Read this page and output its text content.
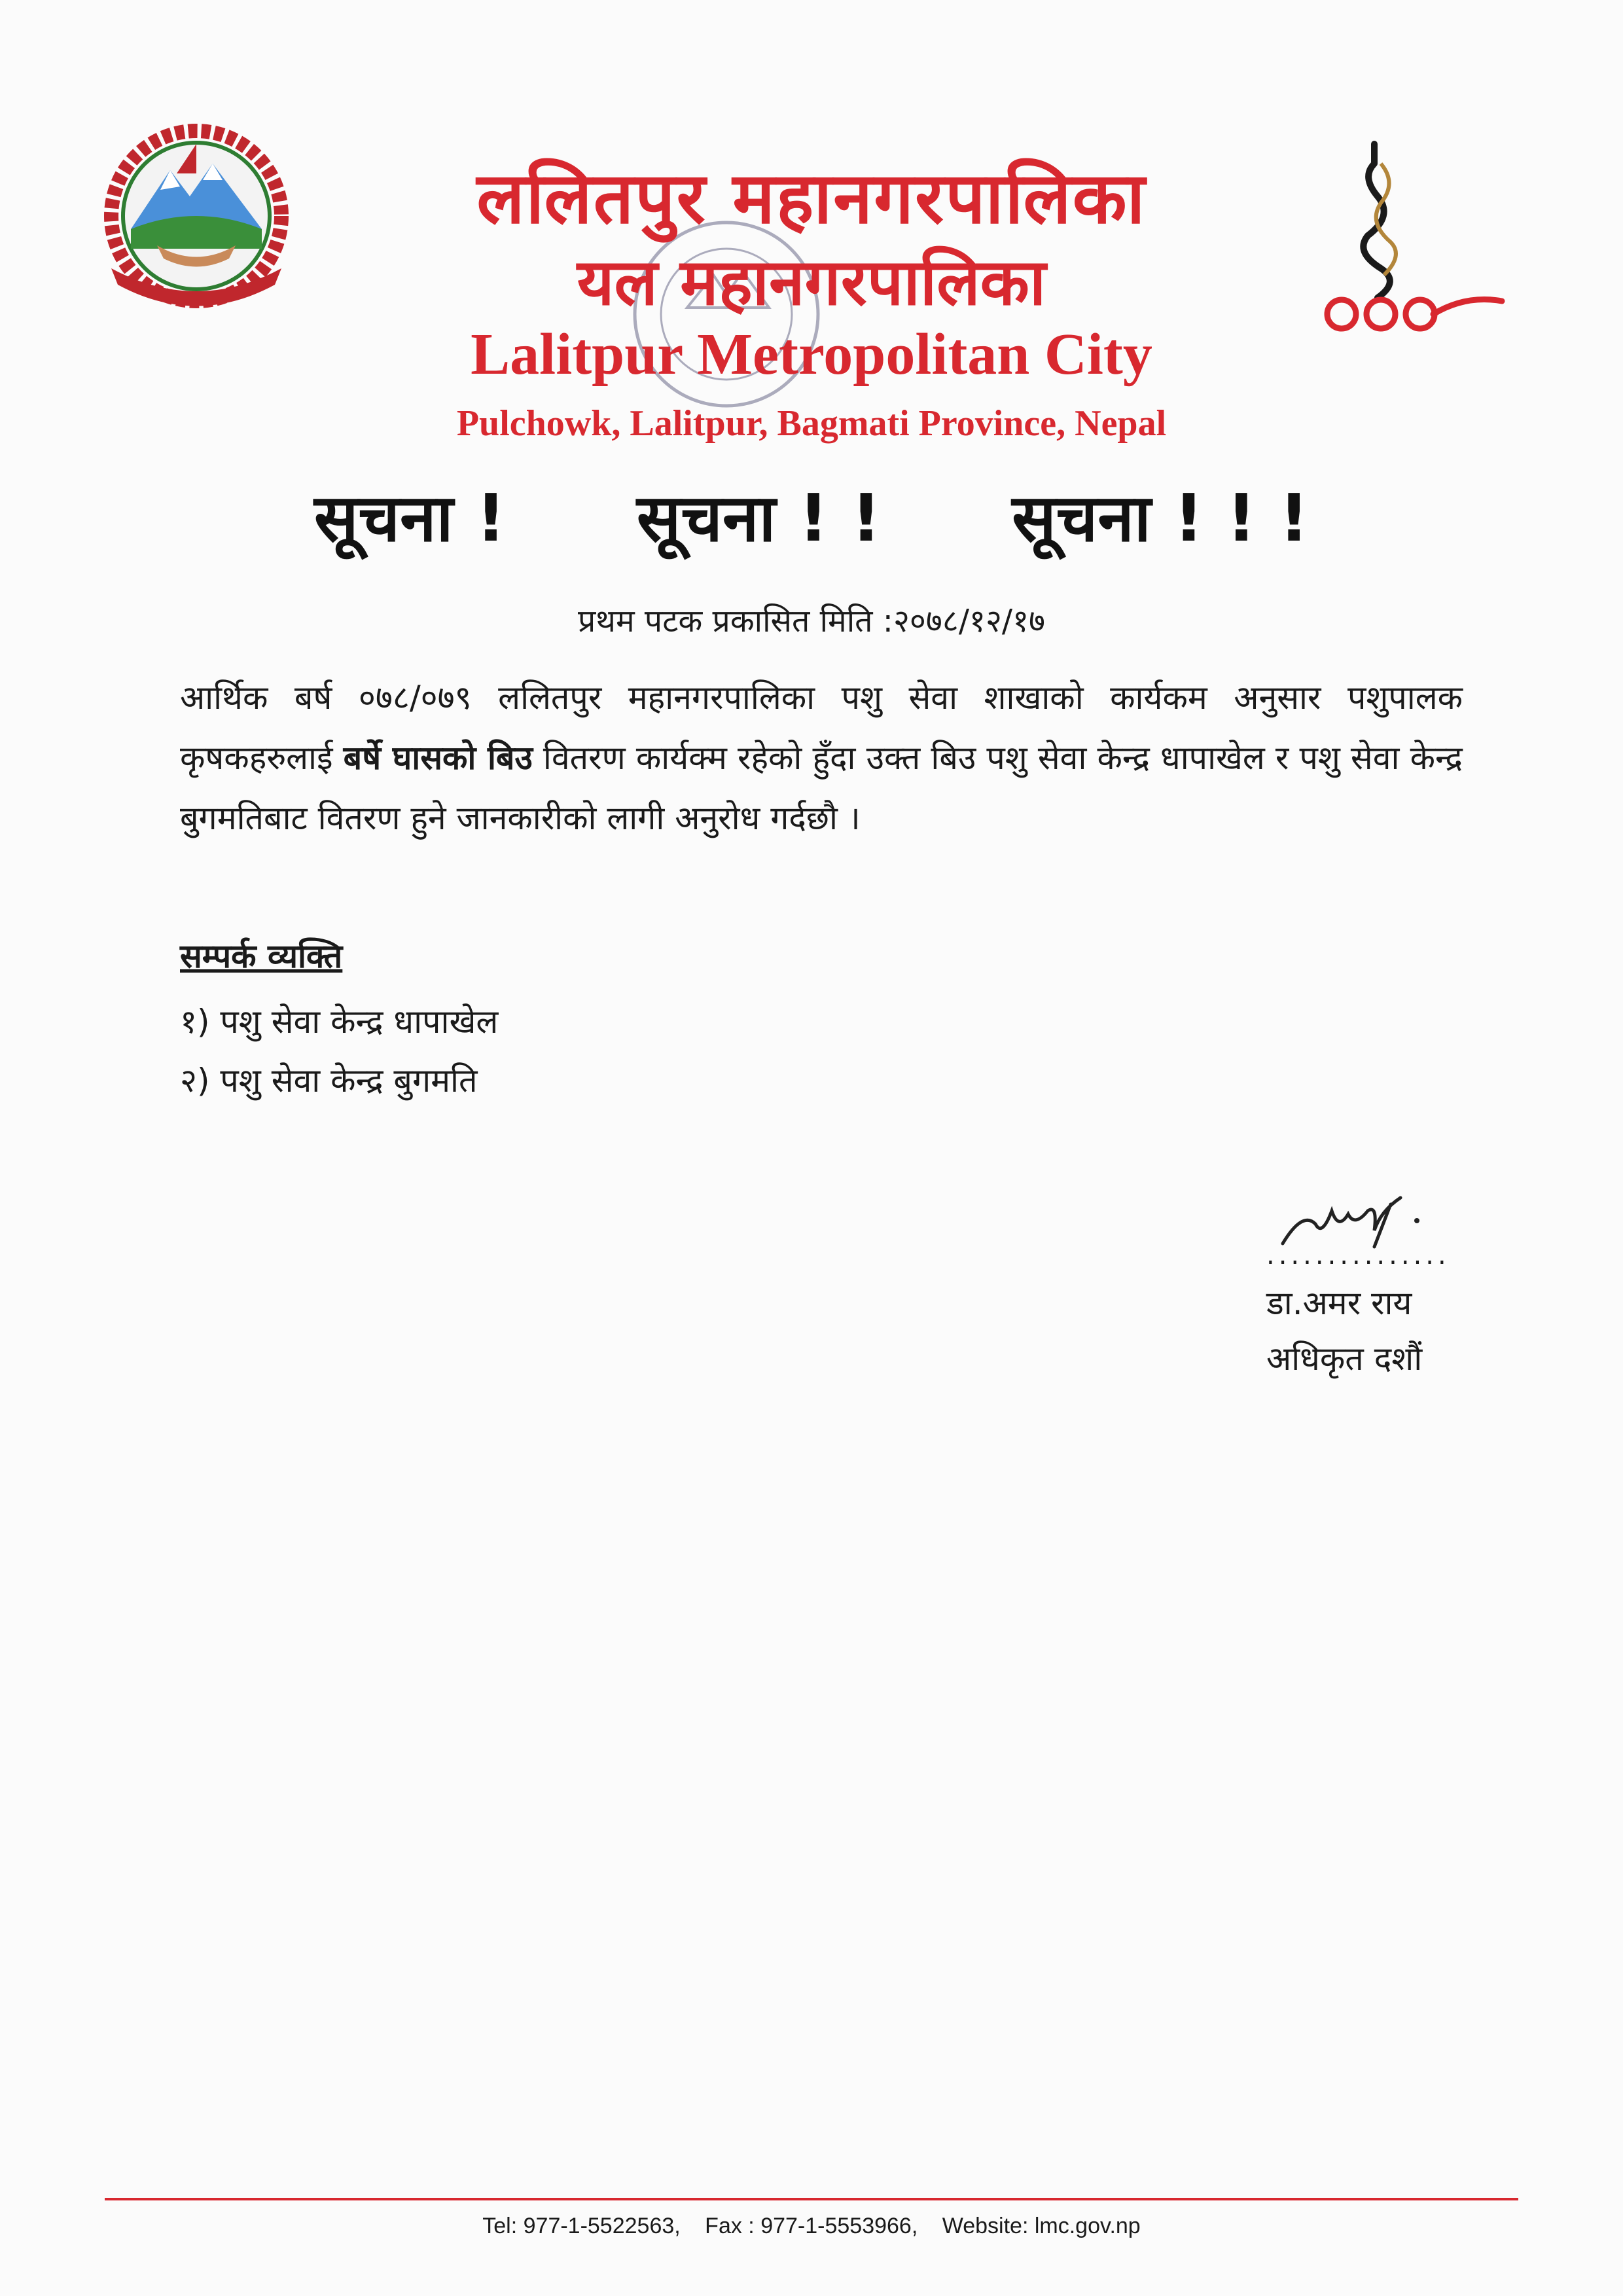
ललितपुर महानगरपालिका
यल महानगरपालिका
Lalitpur Metropolitan City
Pulchowk, Lalitpur, Bagmati Province, Nepal
सूचना ! सूचना ! ! सूचना ! ! !
प्रथम पटक प्रकासित मिति :२०७८/१२/१७
आर्थिक बर्ष ०७८/०७९ ललितपुर महानगरपालिका पशु सेवा शाखाको कार्यकम अनुसार पशुपालक कृषकहरुलाई बर्षे घासको बिउ वितरण कार्यक्म रहेको हुँदा उक्त बिउ पशु सेवा केन्द्र धापाखेल र पशु सेवा केन्द्र बुगमतिबाट वितरण हुने जानकारीको लागी अनुरोध गर्दछौ ।
सम्पर्क व्यक्ति
१) पशु सेवा केन्द्र धापाखेल
२) पशु सेवा केन्द्र बुगमति
...............
डा.अमर राय
अधिकृत दशौं
Tel: 977-1-5522563, Fax : 977-1-5553966, Website: lmc.gov.np
